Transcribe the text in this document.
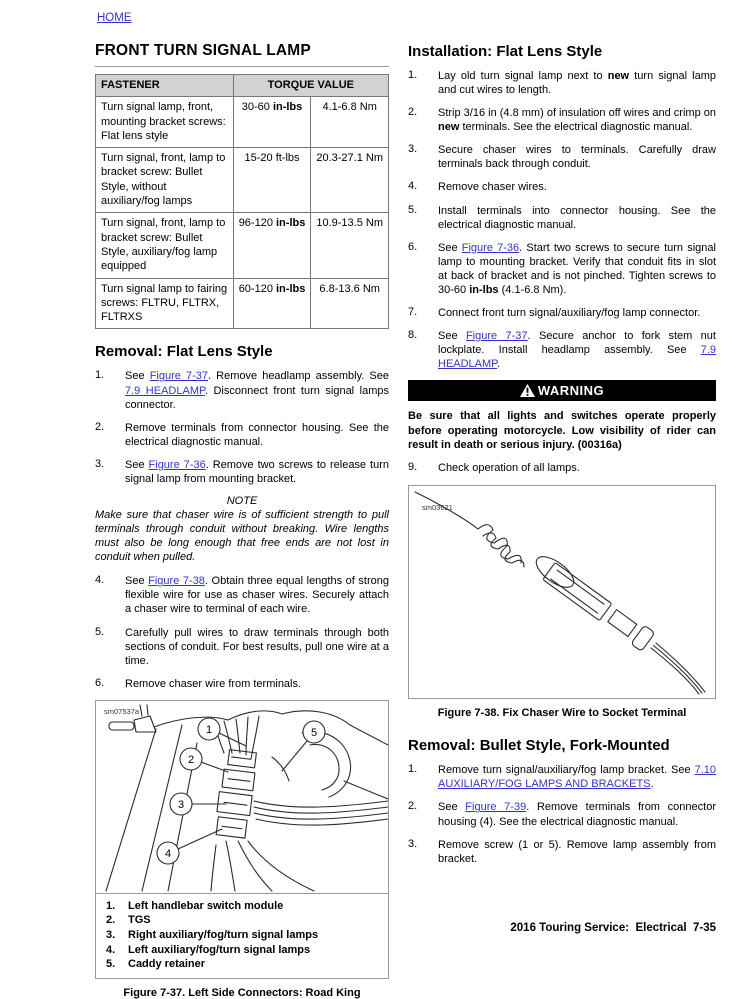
HOME
FRONT TURN SIGNAL LAMP
FASTENER	TORQUE VALUE	
Turn signal lamp, front, mounting bracket screws: Flat lens style	30-60 in-lbs	4.1-6.8 Nm
Turn signal, front, lamp to bracket screw: Bullet Style, without auxiliary/fog lamps	15-20 ft-lbs	20.3-27.1 Nm
Turn signal, front, lamp to bracket screw: Bullet Style, auxiliary/fog lamp equipped	96-120 in-lbs	10.9-13.5 Nm
Turn signal lamp to fairing screws: FLTRU, FLTRX, FLTRXS	60-120 in-lbs	6.8-13.6 Nm
Removal: Flat Lens Style
1.	See Figure 7-37. Remove headlamp assembly. See 7.9 HEADLAMP. Disconnect front turn signal lamps connector.
2.	Remove terminals from connector housing. See the electrical diagnostic manual.
3.	See Figure 7-36. Remove two screws to release turn signal lamp from mounting bracket.
NOTE
Make sure that chaser wire is of sufficient strength to pull terminals through conduit without breaking. Wire lengths must also be long enough that free ends are not lost in conduit when pulled.
4.	See Figure 7-38. Obtain three equal lengths of strong flexible wire for use as chaser wires. Securely attach a chaser wire to terminal of each wire.
5.	Carefully pull wires to draw terminals through both sections of conduit. For best results, pull one wire at a time.
6.	Remove chaser wire from terminals.
sm07537a
1
2
3
4
5
1.	Left handlebar switch module
2.	TGS
3.	Right auxiliary/fog/turn signal lamps
4.	Left auxiliary/fog/turn signal lamps
5.	Caddy retainer
Figure 7-37. Left Side Connectors: Road King
Installation: Flat Lens Style
1.	Lay old turn signal lamp next to new turn signal lamp and cut wires to length.
2.	Strip 3/16 in (4.8 mm) of insulation off wires and crimp on new terminals. See the electrical diagnostic manual.
3.	Secure chaser wires to terminals. Carefully draw terminals back through conduit.
4.	Remove chaser wires.
5.	Install terminals into connector housing. See the electrical diagnostic manual.
6.	See Figure 7-36. Start two screws to secure turn signal lamp to mounting bracket. Verify that conduit fits in slot at back of bracket and is not pinched. Tighten screws to 30-60 in-lbs (4.1-6.8 Nm).
7.	Connect front turn signal/auxiliary/fog lamp connector.
8.	See Figure 7-37. Secure anchor to fork stem nut lockplate. Install headlamp assembly. See 7.9 HEADLAMP.
WARNING
Be sure that all lights and switches operate properly before operating motorcycle. Low visibility of rider can result in death or serious injury. (00316a)
9.	Check operation of all lamps.
sm03621
Figure 7-38. Fix Chaser Wire to Socket Terminal
Removal: Bullet Style, Fork-Mounted
1.	Remove turn signal/auxiliary/fog lamp bracket. See 7.10 AUXILIARY/FOG LAMPS AND BRACKETS.
2.	See Figure 7-39. Remove terminals from connector housing (4). See the electrical diagnostic manual.
3.	Remove screw (1 or 5). Remove lamp assembly from bracket.
2016 Touring Service:  Electrical  7-35
